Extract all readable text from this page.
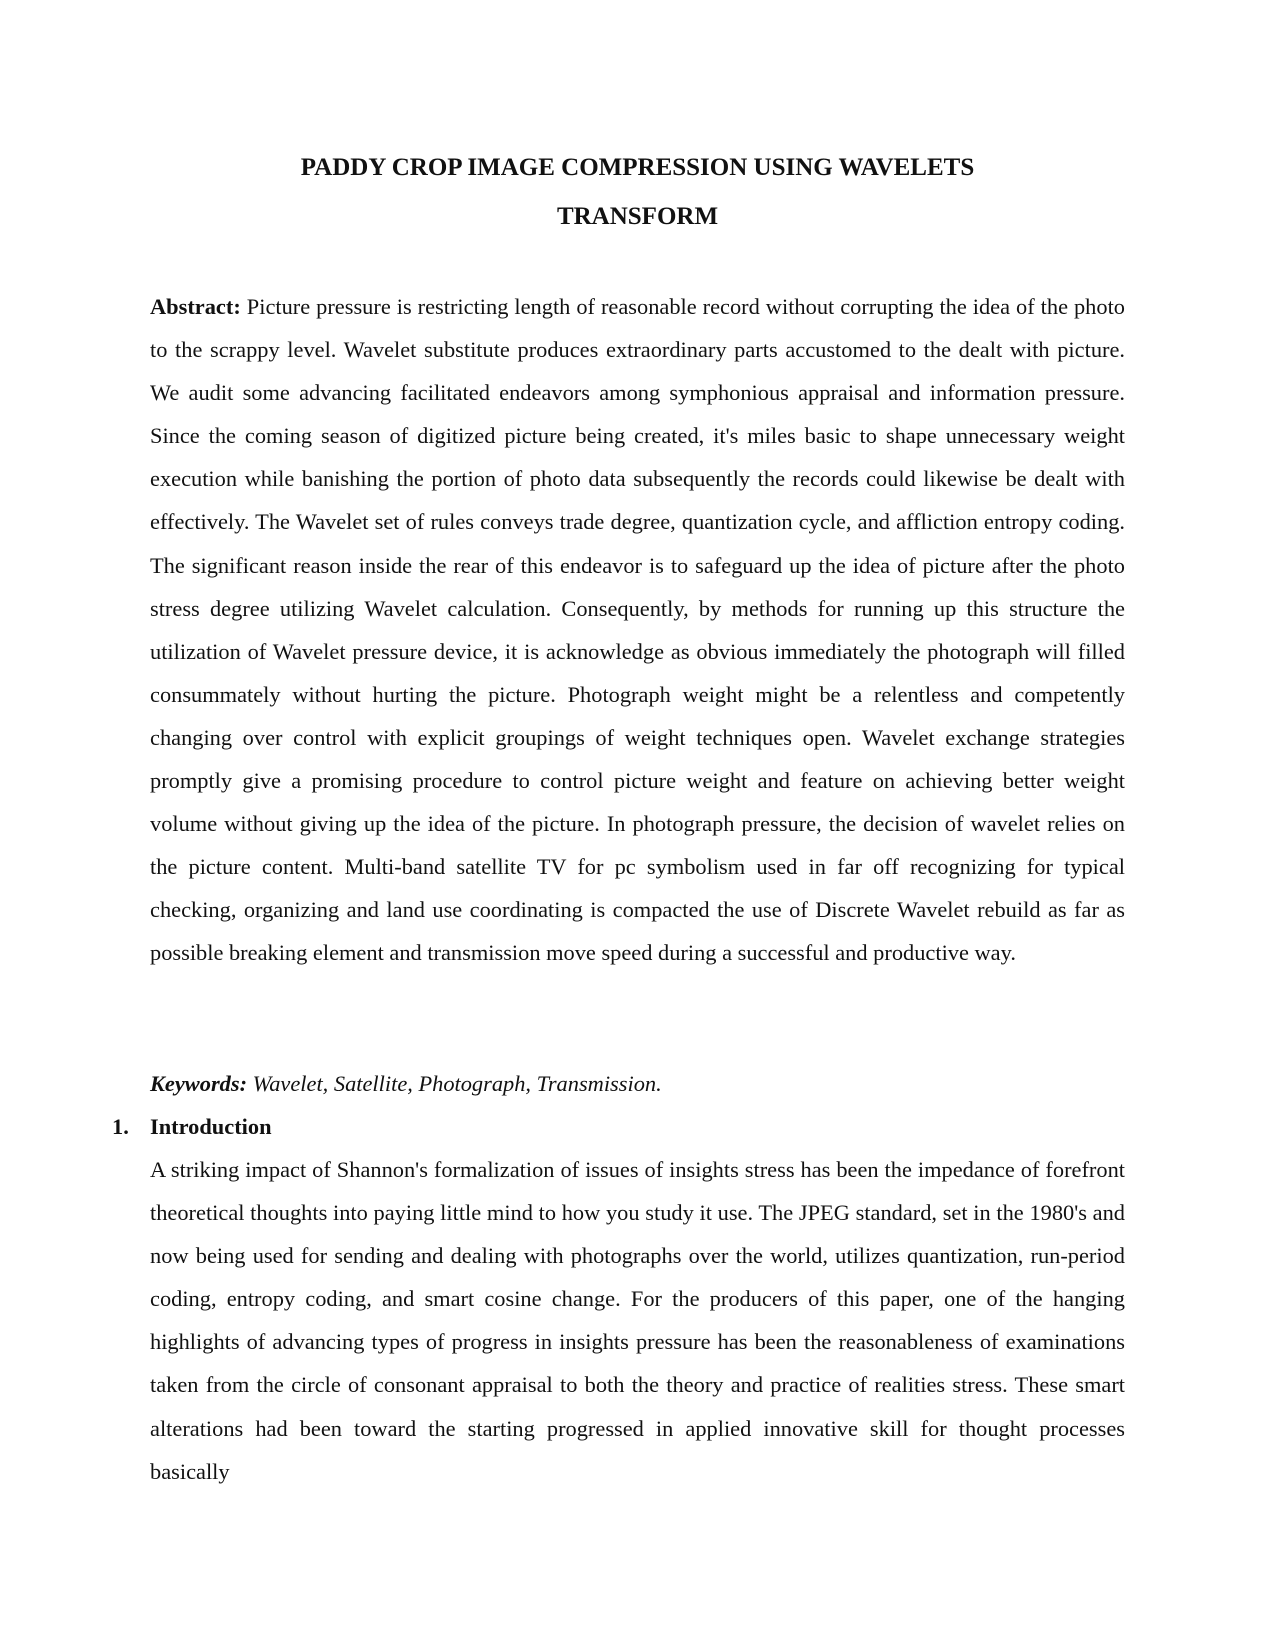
PADDY CROP IMAGE COMPRESSION USING WAVELETS
TRANSFORM

Abstract: Picture pressure is restricting length of reasonable record without corrupting the idea of the photo to the scrappy level. Wavelet substitute produces extraordinary parts accustomed to the dealt with picture. We audit some advancing facilitated endeavors among symphonious appraisal and information pressure. Since the coming season of digitized picture being created, it's miles basic to shape unnecessary weight execution while banishing the portion of photo data subsequently the records could likewise be dealt with effectively. The Wavelet set of rules conveys trade degree, quantization cycle, and affliction entropy coding. The significant reason inside the rear of this endeavor is to safeguard up the idea of picture after the photo stress degree utilizing Wavelet calculation. Consequently, by methods for running up this structure the utilization of Wavelet pressure device, it is acknowledge as obvious immediately the photograph will filled consummately without hurting the picture. Photograph weight might be a relentless and competently changing over control with explicit groupings of weight techniques open. Wavelet exchange strategies promptly give a promising procedure to control picture weight and feature on achieving better weight volume without giving up the idea of the picture. In photograph pressure, the decision of wavelet relies on the picture content. Multi-band satellite TV for pc symbolism used in far off recognizing for typical checking, organizing and land use coordinating is compacted the use of Discrete Wavelet rebuild as far as possible breaking element and transmission move speed during a successful and productive way.

Keywords: Wavelet, Satellite, Photograph, Transmission.

1. Introduction

A striking impact of Shannon's formalization of issues of insights stress has been the impedance of forefront theoretical thoughts into paying little mind to how you study it use. The JPEG standard, set in the 1980's and now being used for sending and dealing with photographs over the world, utilizes quantization, run-period coding, entropy coding, and smart cosine change. For the producers of this paper, one of the hanging highlights of advancing types of progress in insights pressure has been the reasonableness of examinations taken from the circle of consonant appraisal to both the theory and practice of realities stress. These smart alterations had been toward the starting progressed in applied innovative skill for thought processes basically
